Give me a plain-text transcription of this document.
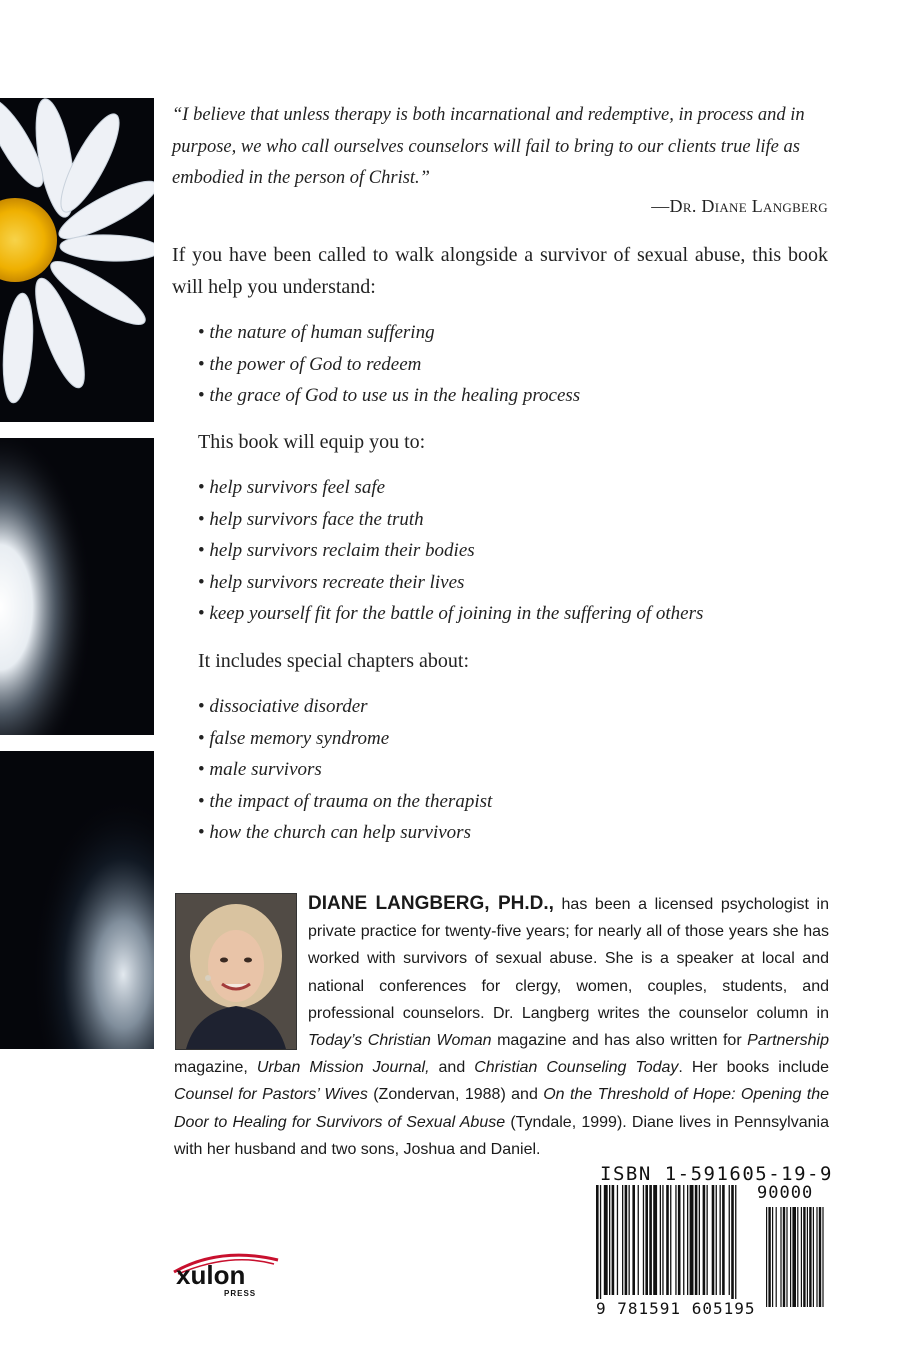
“I believe that unless therapy is both incarnational and redemptive, in process and in purpose, we who call ourselves counselors will fail to bring to our clients true life as embodied in the person of Christ.”

—Dr. Diane Langberg

If you have been called to walk alongside a survivor of sexual abuse, this book will help you understand:

• the nature of human suffering
• the power of God to redeem
• the grace of God to use us in the healing process

This book will equip you to:

• help survivors feel safe
• help survivors face the truth
• help survivors reclaim their bodies
• help survivors recreate their lives
• keep yourself fit for the battle of joining in the suffering of others

It includes special chapters about:

• dissociative disorder
• false memory syndrome
• male survivors
• the impact of trauma on the therapist
• how the church can help survivors

DIANE LANGBERG, PH.D., has been a licensed psychologist in private practice for twenty-five years; for nearly all of those years she has worked with survivors of sexual abuse. She is a speaker at local and national conferences for clergy, women, couples, students, and professional counselors. Dr. Langberg writes the counselor column in Today’s Christian Woman magazine and has also written for Partnership magazine, Urban Mission Journal, and Christian Counseling Today. Her books include Counsel for Pastors’ Wives (Zondervan, 1988) and On the Threshold of Hope: Opening the Door to Healing for Survivors of Sexual Abuse (Tyndale, 1999). Diane lives in Pennsylvania with her husband and two sons, Joshua and Daniel.

ISBN 1-591605-19-9
90000
9 781591 605195
xulon
PRESS
